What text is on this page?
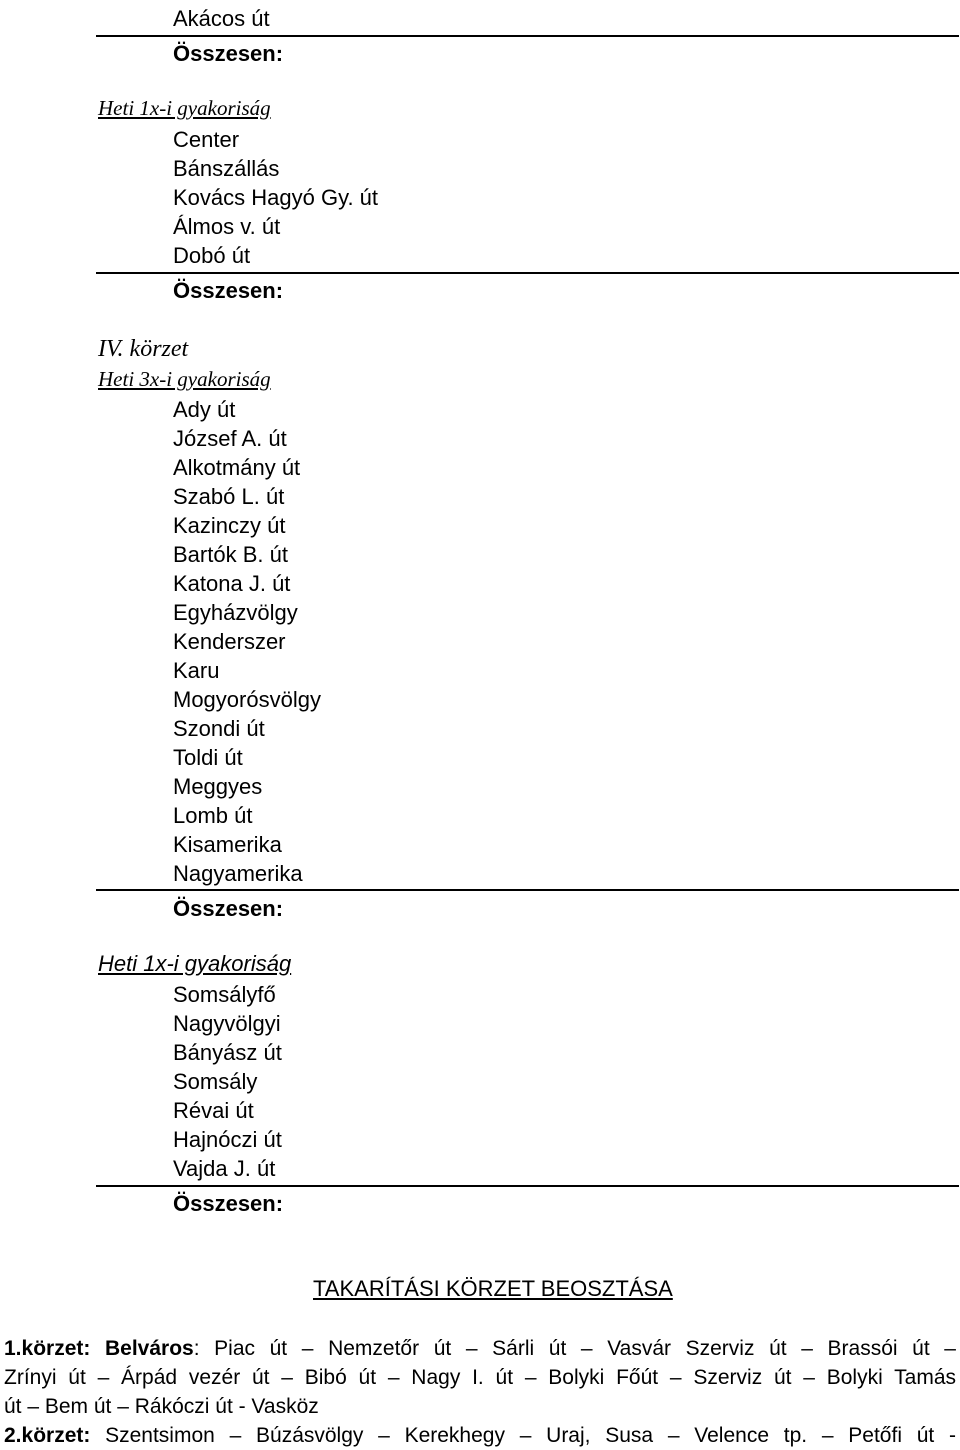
Akácos út
Összesen:
Heti 1x-i gyakoriság
Center
Bánszállás
Kovács Hagyó Gy. út
Álmos v. út
Dobó út
Összesen:
IV. körzet
Heti 3x-i gyakoriság
Ady út
József A. út
Alkotmány út
Szabó L. út
Kazinczy út
Bartók B. út
Katona J. út
Egyházvölgy
Kenderszer
Karu
Mogyorósvölgy
Szondi út
Toldi út
Meggyes
Lomb út
Kisamerika
Nagyamerika
Összesen:
Heti 1x-i gyakoriság
Somsályfő
Nagyvölgyi
Bányász út
Somsály
Révai út
Hajnóczi út
Vajda J. út
Összesen:
TAKARÍTÁSI KÖRZET BEOSZTÁSA
1.körzet: Belváros: Piac út – Nemzetőr út – Sárli út – Vasvár Szerviz út – Brassói út –
Zrínyi út – Árpád vezér út – Bibó út – Nagy I. út – Bolyki Főút – Szerviz út – Bolyki Tamás
út – Bem út – Rákóczi út - Vasköz
2.körzet: Szentsimon – Búzásvölgy – Kerekhegy – Uraj, Susa – Velence tp. – Petőfi út -
